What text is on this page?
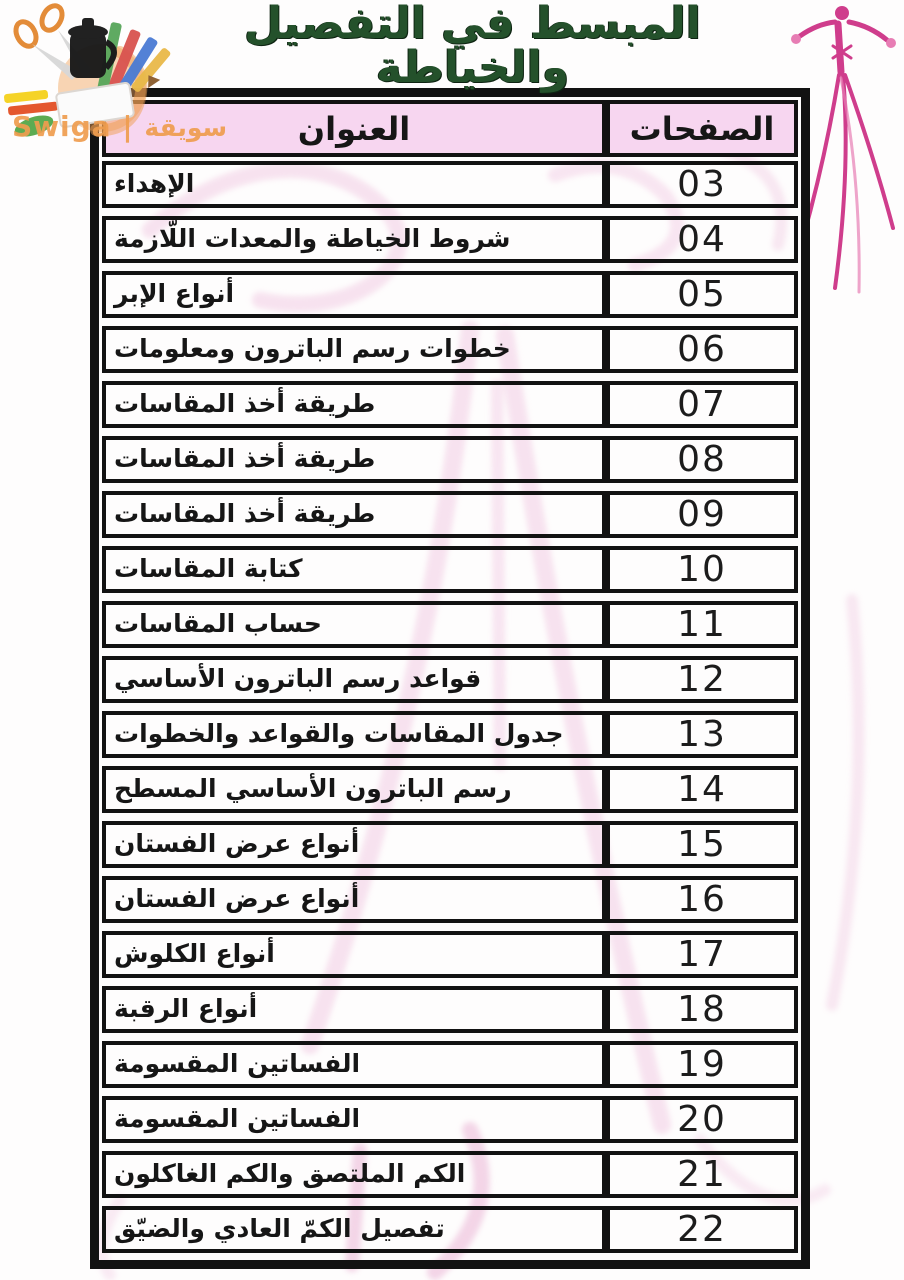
المبسط في التفصيل والخياطة
Swiga | سويقة العنوان	الصفحات
الإهداء	03
شروط الخياطة والمعدات اللّازمة	04
أنواع الإبر	05
خطوات رسم الباترون ومعلومات	06
طريقة أخذ المقاسات	07
طريقة أخذ المقاسات	08
طريقة أخذ المقاسات	09
كتابة المقاسات	10
حساب المقاسات	11
قواعد رسم الباترون الأساسي	12
جدول المقاسات والقواعد والخطوات	13
رسم الباترون الأساسي المسطح	14
أنواع عرض الفستان	15
أنواع عرض الفستان	16
أنواع الكلوش	17
أنواع الرقبة	18
الفساتين المقسومة	19
الفساتين المقسومة	20
الكم الملتصق والكم الغاكلون	21
تفصيل الكمّ العادي والضيّق	22
